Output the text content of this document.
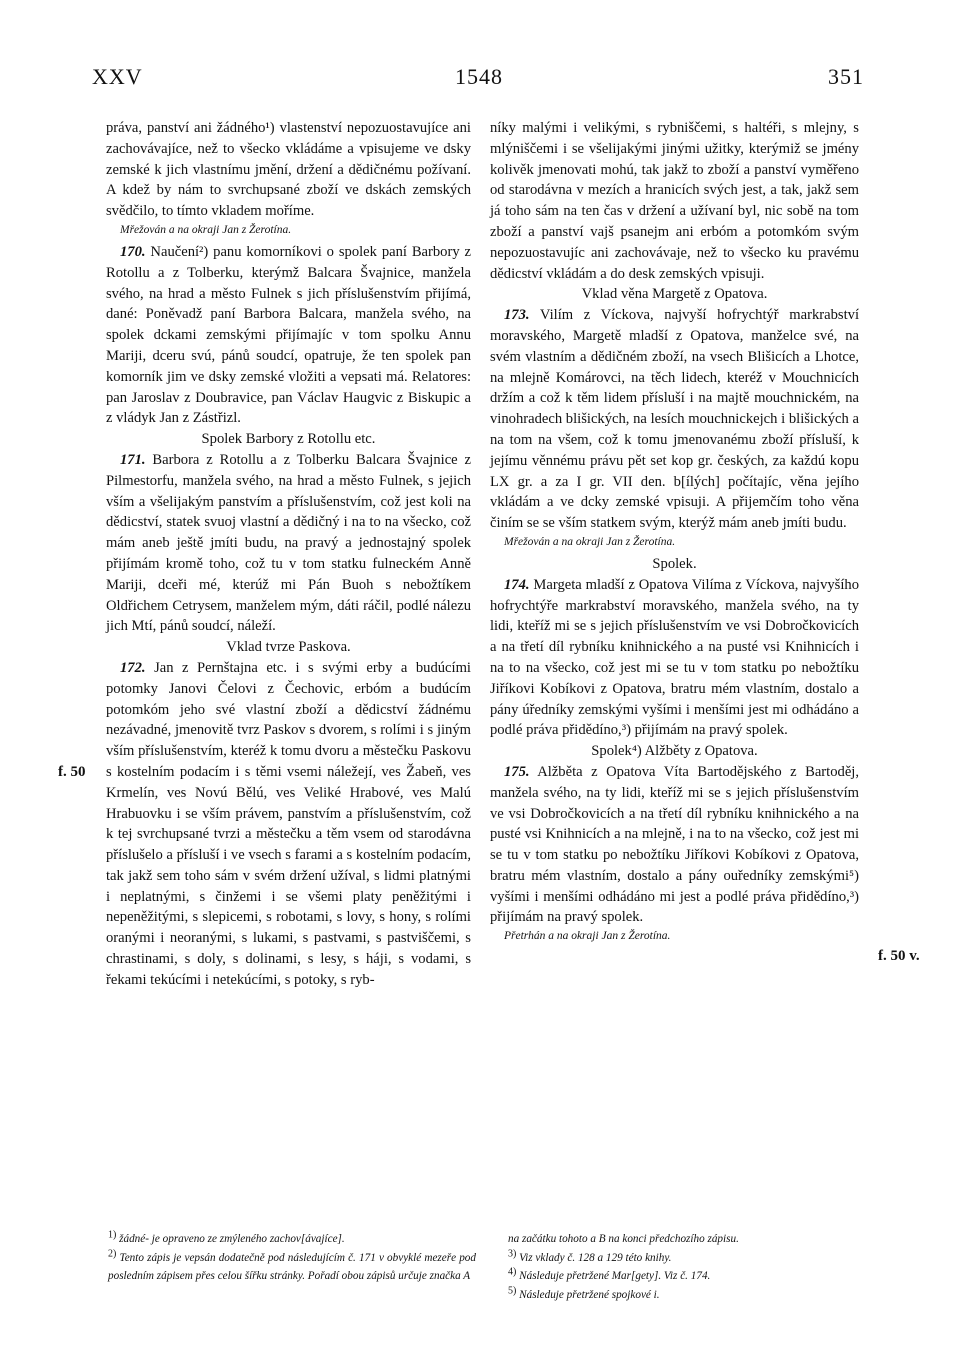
XXV	1548	351

práva, panství ani žádného¹) vlastenství nepozuostavujíce ani zachovávajíce, než to všecko vkládáme a vpisujeme ve dsky zemské k jich vlastnímu jmění, držení a dědičnému požívaní. A kdež by nám to svrchupsané zboží ve dskách zemských svědčilo, to tímto vkladem moříme.

Mřežován a na okraji Jan z Žerotína.

170. Naučení²) panu komorníkovi o spolek paní Barbory z Rotollu a z Tolberku, kterýmž Balcara Švajnice, manžela svého, na hrad a město Fulnek s jich příslušenstvím přijímá, dané: Poněvadž paní Barbora Balcara, manžela svého, na spolek dckami zemskými přijímajíc v tom spolku Annu Mariji, dceru svú, pánů soudcí, opatruje, že ten spolek pan komorník jim ve dsky zemské vložiti a vepsati má. Relatores: pan Jaroslav z Doubravice, pan Václav Haugvic z Biskupic a z vládyk Jan z Zástřizl.

Spolek Barbory z Rotollu etc.

171. Barbora z Rotollu a z Tolberku Balcara Švajnice z Pilmestorfu, manžela svého, na hrad a město Fulnek, s jejich vším a všelijakým panstvím a příslušenstvím, což jest koli na dědicství, statek svuoj vlastní a dědičný i na to na všecko, což mám aneb ještě jmíti budu, na pravý a jednostajný spolek přijímám kromě toho, což tu v tom statku fulneckém Anně Mariji, dceři mé, kterúž mi Pán Buoh s nebožtíkem Oldřichem Cetrysem, manželem mým, dáti ráčil, podlé nálezu jich Mtí, pánů soudcí, náleží.

Vklad tvrze Paskova.

172. Jan z Pernštajna etc. i s svými erby a budúcími potomky Janovi Čelovi z Čechovic, erbóm a budúcím potomkóm jeho své vlastní zboží a dědicství žádnému nezávadné, jmenovitě tvrz Paskov s dvorem, s rolími i s jiným vším příslušenstvím, kteréž k tomu dvoru a městečku Paskovu s kostelním podacím i s těmi vsemi náležejí, ves Žabeň, ves Krmelín, ves Novú Bělú, ves Veliké Hrabové, ves Malú Hrabuovku i se vším právem, panstvím a příslušenstvím, což k tej svrchupsané tvrzi a městečku a těm vsem od starodávna příslušelo a přísluší i ve vsech s farami a s kostelním podacím, tak jakž sem toho sám v svém držení užíval, s lidmi platnými i neplatnými, s činžemi i se všemi platy peněžitými i nepeněžitými, s slepicemi, s robotami, s lovy, s hony, s rolími oranými i neoranými, s lukami, s pastvami, s pastviščemi, s chrastinami, s doly, s dolinami, s lesy, s háji, s vodami, s řekami tekúcími i netekúcími, s potoky, s ryb-

níky malými i velikými, s rybniščemi, s haltéři, s mlejny, s mlýniščemi i se všelijakými jinými užitky, kterýmiž se jmény kolivěk jmenovati mohú, tak jakž to zboží a panství vyměřeno od starodávna v mezích a hranicích svých jest, a tak, jakž sem já toho sám na ten čas v držení a užívaní byl, nic sobě na tom zboží a panství vajš psanejm ani erbóm a potomkóm svým nepozuostavujíc ani zachovávaje, než to všecko ku pravému dědicství vkládám a do desk zemských vpisuji.

Vklad věna Margetě z Opatova.

173. Vilím z Víckova, najvyší hofrychtýř markrabství moravského, Margetě mladší z Opatova, manželce své, na svém vlastním a dědičném zboží, na vsech Blišicích a Lhotce, na mlejně Komárovci, na těch lidech, kteréž v Mouchnicích držím a což k těm lidem přísluší i na majtě mouchnickém, na vinohradech blišických, na lesích mouchnickejch i blišických a na tom na všem, což k tomu jmenovanému zboží přísluší, k jejímu věnnému právu pět set kop gr. českých, za každú kopu LX gr. a za I gr. VII den. b[ílých] počítajíc, věna jejího vkládám a ve dcky zemské vpisuji. A přijemčím toho věna činím se se vším statkem svým, kterýž mám aneb jmíti budu.

Mřežován a na okraji Jan z Žerotína.

Spolek.

174. Margeta mladší z Opatova Vilíma z Víckova, najvyšího hofrychtýře markrabství moravského, manžela svého, na ty lidi, kteříž mi se s jejich příslušenstvím ve vsi Dobročkovicích a na třetí díl rybníku knihnického a na pusté vsi Knihnicích i na to na všecko, což jest mi se tu v tom statku po nebožtíku Jiříkovi Kobíkovi z Opatova, bratru mém vlastním, dostalo a pány úředníky zemskými vyšími i menšími jest mi odhádáno a podlé práva přidědíno,³) přijímám na pravý spolek.

Spolek⁴) Alžběty z Opatova.

175. Alžběta z Opatova Víta Bartodějského z Bartoděj, manžela svého, na ty lidi, kteříž mi se s jejich příslušenstvím ve vsi Dobročkovicích a na třetí díl rybníku knihnického a na pusté vsi Knihnicích a na mlejně, i na to na všecko, což jest mi se tu v tom statku po nebožtíku Jiříkovi Kobíkovi z Opatova, bratru mém vlastním, dostalo a pány ouředníky zemskými⁵) vyšími i menšími odhádáno mi jest a podlé práva přidědíno,³) přijímám na pravý spolek.

Přetrhán a na okraji Jan z Žerotína.

f. 50
f. 50 v.

1) žádné- je opraveno ze zmýleného zachov[ávajíce].

2) Tento zápis je vepsán dodatečně pod následujícím č. 171 v obvyklé mezeře pod posledním zápisem přes celou šířku stránky. Pořadí obou zápisů určuje značka A

na začátku tohoto a B na konci předchozího zápisu.

3) Viz vklady č. 128 a 129 této knihy.

4) Následuje přetržené Mar[gety]. Viz č. 174.

5) Následuje přetržené spojkové i.
